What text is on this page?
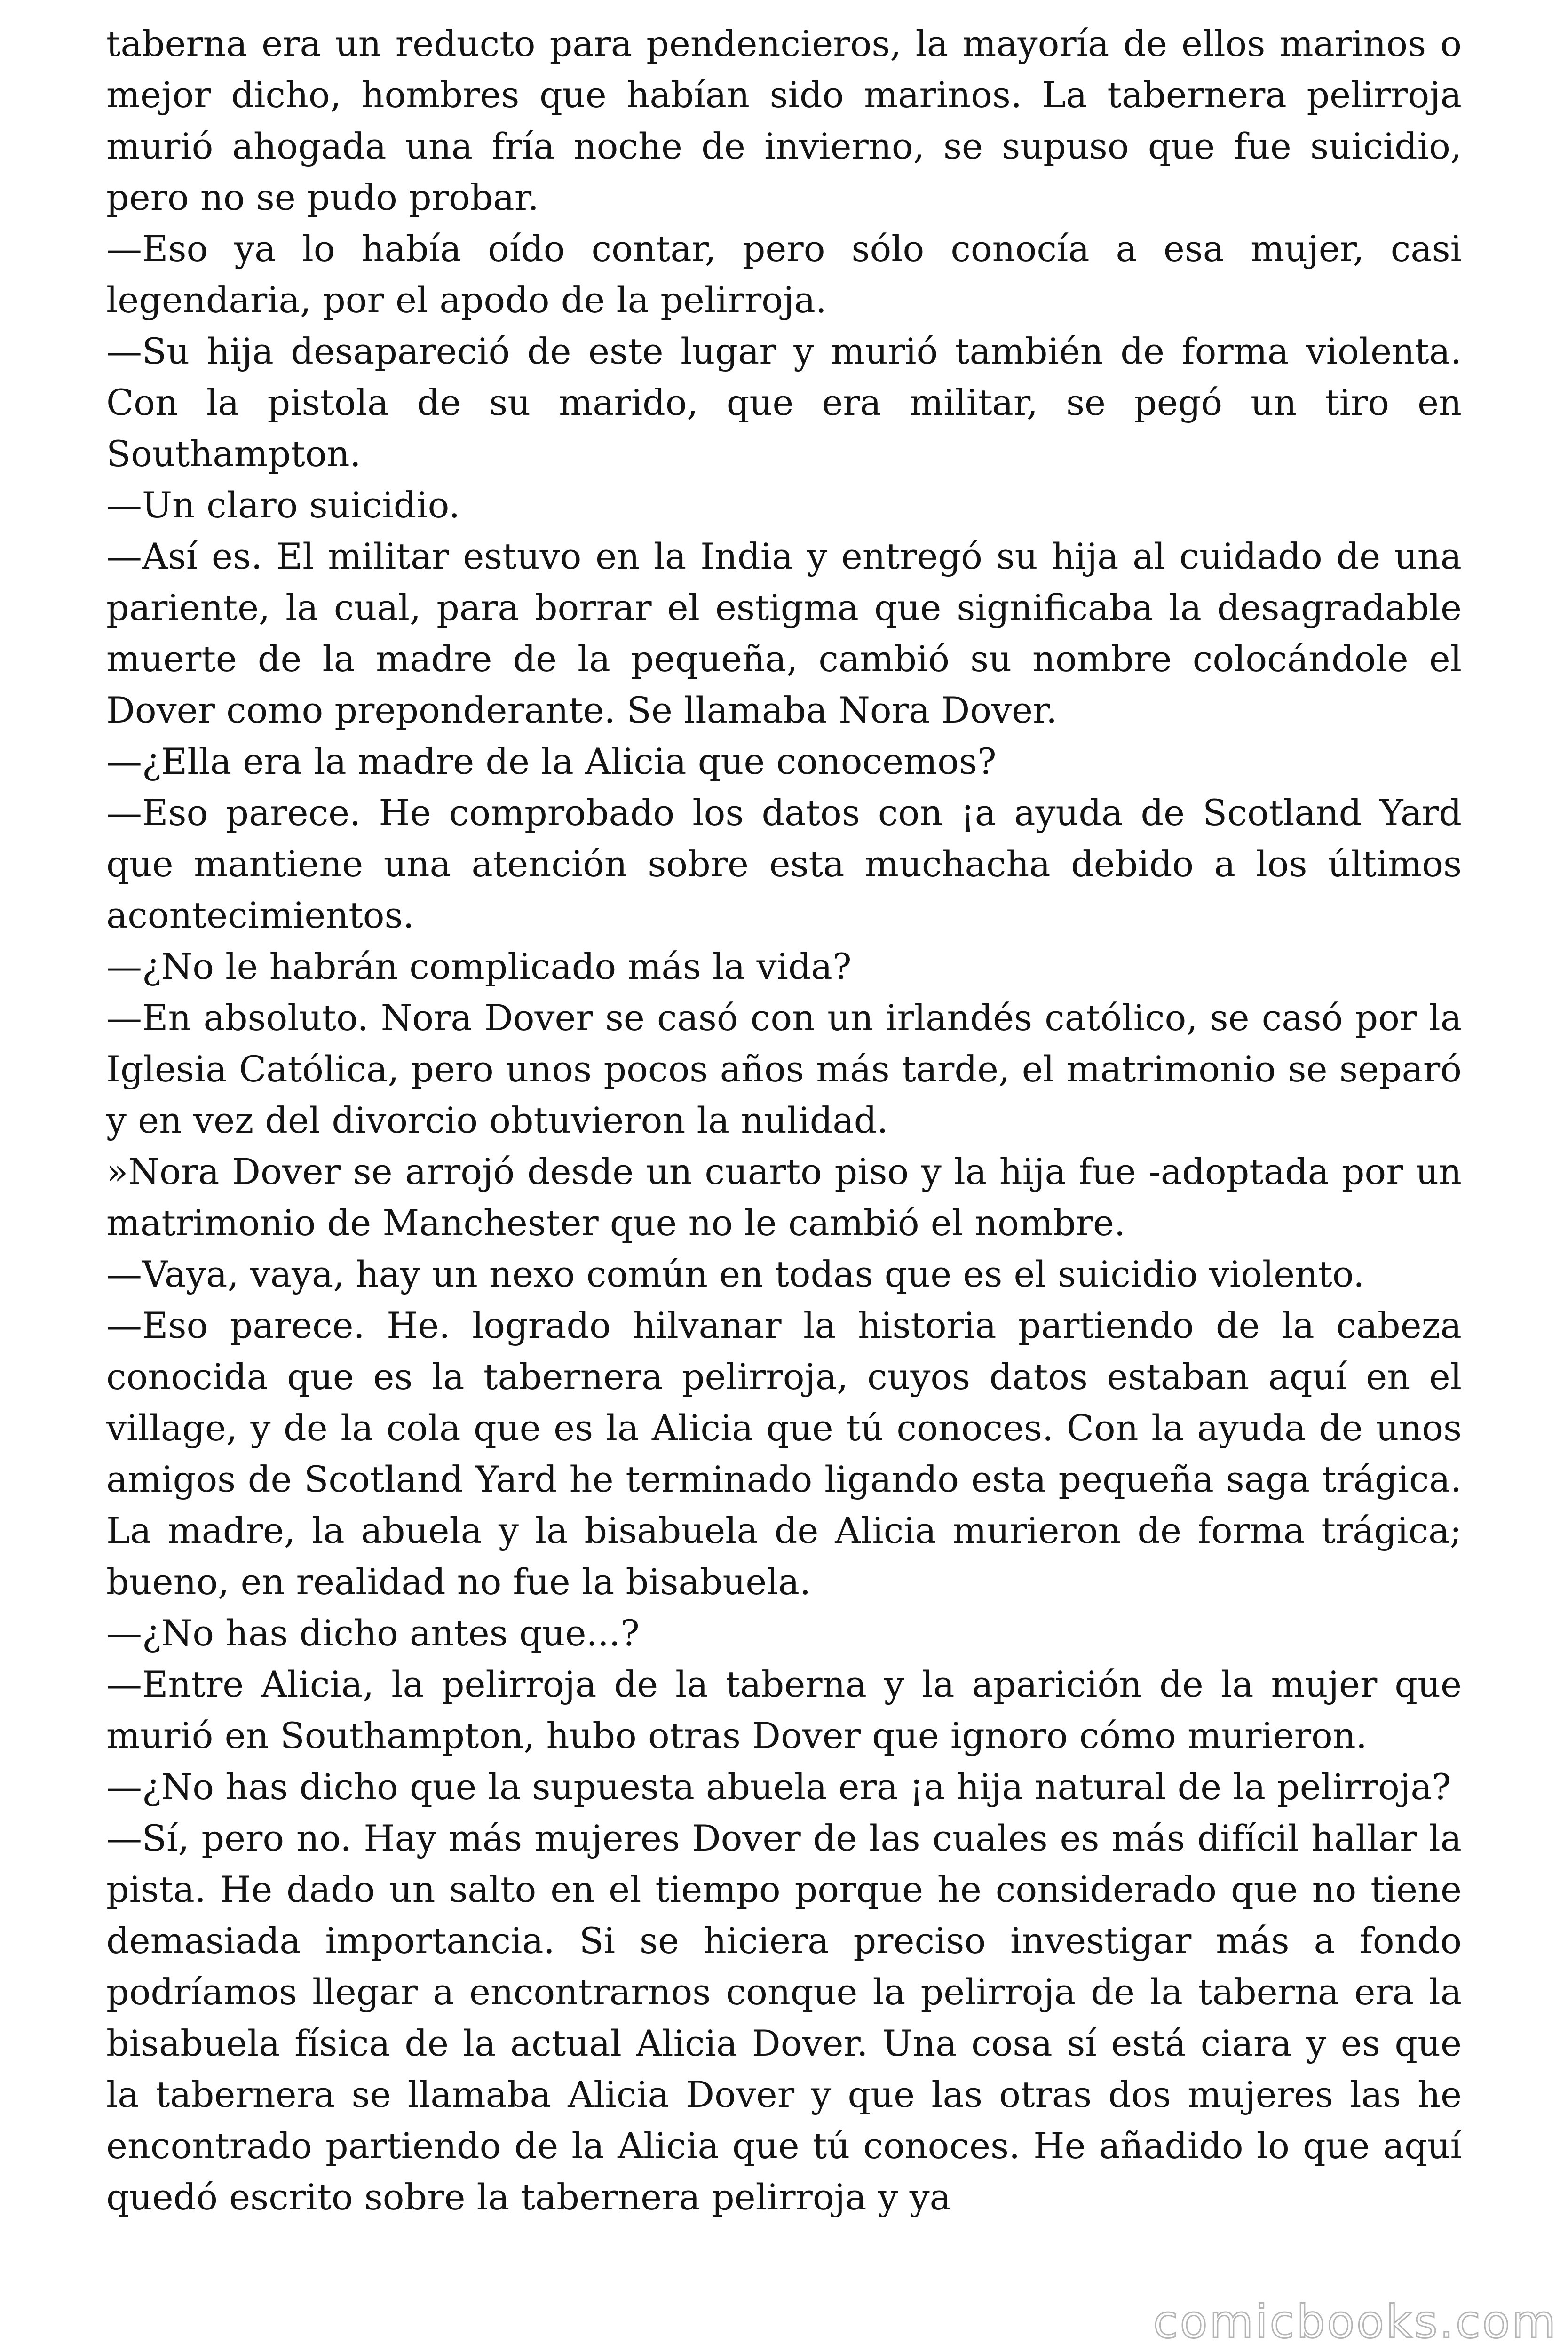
taberna era un reducto para pendencieros, la mayoría de ellos marinos o mejor dicho, hombres que habían sido marinos. La tabernera pelirroja murió ahogada una fría noche de invierno, se supuso que fue suicidio, pero no se pudo probar.

—Eso ya lo había oído contar, pero sólo conocía a esa mujer, casi legendaria, por el apodo de la pelirroja.

—Su hija desapareció de este lugar y murió también de forma violenta. Con la pistola de su marido, que era militar, se pegó un tiro en Southampton.

—Un claro suicidio.

—Así es. El militar estuvo en la India y entregó su hija al cuidado de una pariente, la cual, para borrar el estigma que significaba la desagradable muerte de la madre de la pequeña, cambió su nombre colocándole el Dover como preponderante. Se llamaba Nora Dover.

—¿Ella era la madre de la Alicia que conocemos?

—Eso parece. He comprobado los datos con ¡a ayuda de Scotland Yard que mantiene una atención sobre esta muchacha debido a los últimos acontecimientos.

—¿No le habrán complicado más la vida?

—En absoluto. Nora Dover se casó con un irlandés católico, se casó por la Iglesia Católica, pero unos pocos años más tarde, el matrimonio se separó y en vez del divorcio obtuvieron la nulidad.

»Nora Dover se arrojó desde un cuarto piso y la hija fue -adoptada por un matrimonio de Manchester que no le cambió el nombre.

—Vaya, vaya, hay un nexo común en todas que es el suicidio violento.

—Eso parece. He. logrado hilvanar la historia partiendo de la cabeza conocida que es la tabernera pelirroja, cuyos datos estaban aquí en el village, y de la cola que es la Alicia que tú conoces. Con la ayuda de unos amigos de Scotland Yard he terminado ligando esta pequeña saga trágica. La madre, la abuela y la bisabuela de Alicia murieron de forma trágica; bueno, en realidad no fue la bisabuela.

—¿No has dicho antes que...?

—Entre Alicia, la pelirroja de la taberna y la aparición de la mujer que murió en Southampton, hubo otras Dover que ignoro cómo murieron.

—¿No has dicho que la supuesta abuela era ¡a hija natural de la pelirroja?

—Sí, pero no. Hay más mujeres Dover de las cuales es más difícil hallar la pista. He dado un salto en el tiempo porque he considerado que no tiene demasiada importancia. Si se hiciera preciso investigar más a fondo podríamos llegar a encontrarnos conque la pelirroja de la taberna era la bisabuela física de la actual Alicia Dover. Una cosa sí está ciara y es que la tabernera se llamaba Alicia Dover y que las otras dos mujeres las he encontrado partiendo de la Alicia que tú conoces. He añadido lo que aquí quedó escrito sobre la tabernera pelirroja y ya

comicbooks.com
